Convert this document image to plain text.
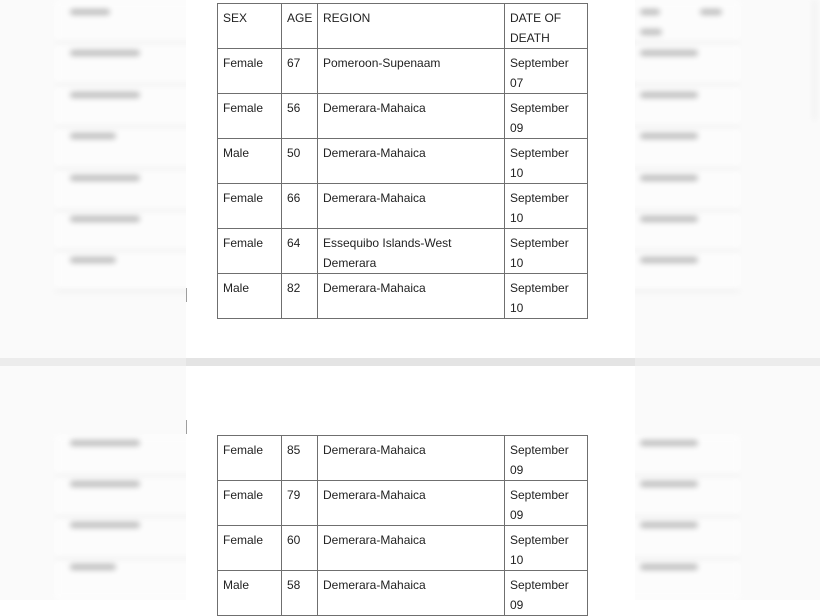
SEX	AGE	REGION	DATE OF DEATH
Female	67	Pomeroon-Supenaam	September 07
Female	56	Demerara-Mahaica	September 09
Male	50	Demerara-Mahaica	September 10
Female	66	Demerara-Mahaica	September 10
Female	64	Essequibo Islands-West Demerara	September 10
Male	82	Demerara-Mahaica	September 10
Female	85	Demerara-Mahaica	September 09
Female	79	Demerara-Mahaica	September 09
Female	60	Demerara-Mahaica	September 10
Male	58	Demerara-Mahaica	September 09
